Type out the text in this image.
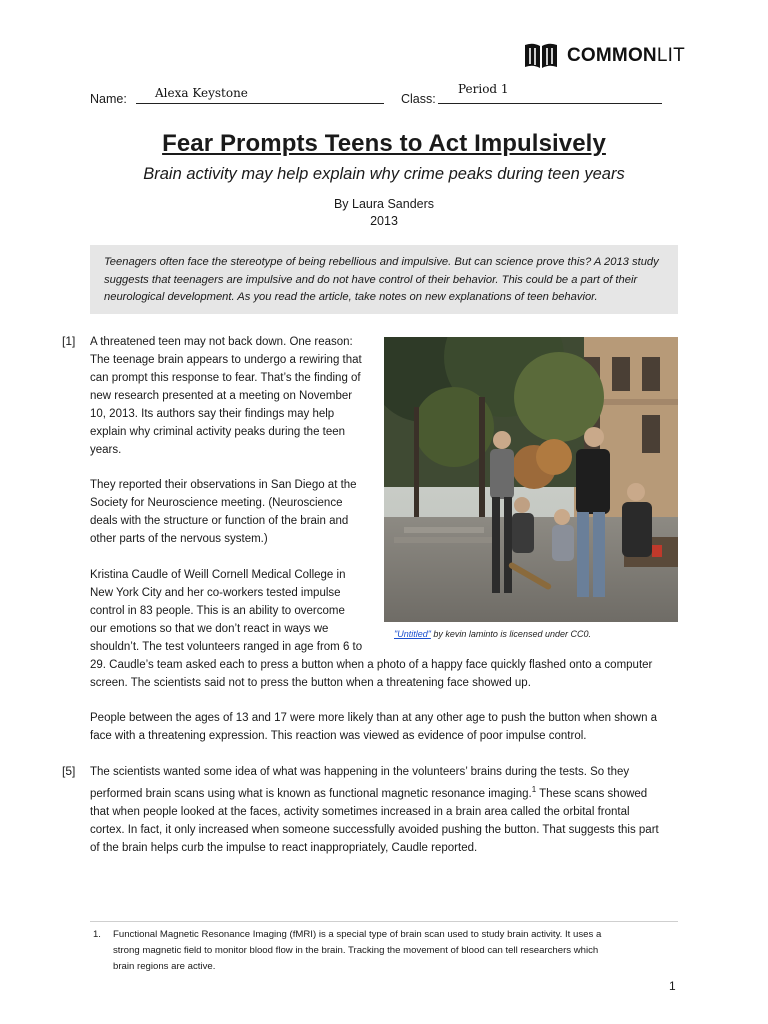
COMMONLIT
Name: Alexa Keystone	Class:
Period 1
Fear Prompts Teens to Act Impulsively
Brain activity may help explain why crime peaks during teen years
By Laura Sanders
2013
Teenagers often face the stereotype of being rebellious and impulsive. But can science prove this? A 2013 study suggests that teenagers are impulsive and do not have control of their behavior. This could be a part of their neurological development. As you read the article, take notes on new explanations of teen behavior.
[1] A threatened teen may not back down. One reason:
The teenage brain appears to undergo a rewiring that
can prompt this response to fear. That’s the finding of
new research presented at a meeting on November
10, 2013. Its authors say their findings may help
explain why criminal activity peaks during the teen
years.
They reported their observations in San Diego at the
Society for Neuroscience meeting. (Neuroscience
deals with the structure or function of the brain and
other parts of the nervous system.)
Kristina Caudle of Weill Cornell Medical College in
New York City and her co-workers tested impulse
control in 83 people. This is an ability to overcome
our emotions so that we don’t react in ways we
shouldn’t. The test volunteers ranged in age from 6 to
29. Caudle’s team asked each to press a button when a photo of a happy face quickly flashed onto a computer
screen. The scientists said not to press the button when a threatening face showed up.
People between the ages of 13 and 17 were more likely than at any other age to push the button when shown a
face with a threatening expression. This reaction was viewed as evidence of poor impulse control.
[5] The scientists wanted some idea of what was happening in the volunteers’ brains during the tests. So they
performed brain scans using what is known as functional magnetic resonance imaging.$^1$ These scans showed
that when people looked at the faces, activity sometimes increased in a brain area called the orbital frontal
cortex. In fact, it only increased when someone successfully avoided pushing the button. That suggests this part
of the brain helps curb the impulse to react inappropriately, Caudle reported.
"Untitled" by kevin laminto is licensed under CC0.
1. Functional Magnetic Resonance Imaging (fMRI) is a special type of brain scan used to study brain activity. It uses a
strong magnetic field to monitor blood flow in the brain. Tracking the movement of blood can tell researchers which
brain regions are active.
1
